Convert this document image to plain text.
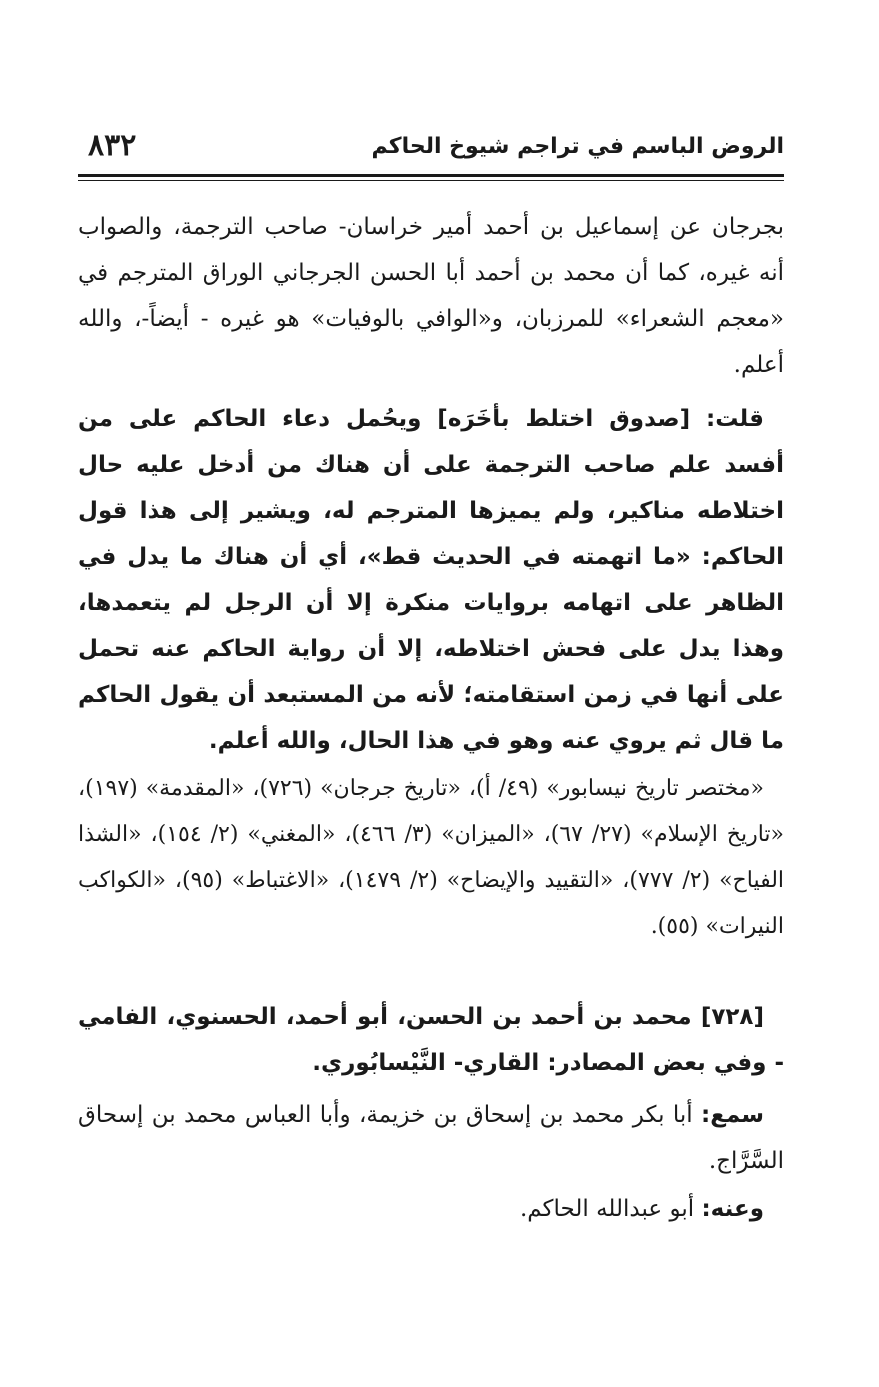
الروض الباسم في تراجم شيوخ الحاكم
٨٣٢

بجرجان عن إسماعيل بن أحمد أمير خراسان- صاحب الترجمة، والصواب أنه غيره، كما أن محمد بن أحمد أبا الحسن الجرجاني الوراق المترجم في «معجم الشعراء» للمرزبان، و«الوافي بالوفيات» هو غيره - أيضاً-، والله أعلم.

قلت: [صدوق اختلط بأخَرَه] ويحُمل دعاء الحاكم على من أفسد علم صاحب الترجمة على أن هناك من أدخل عليه حال اختلاطه مناكير، ولم يميزها المترجم له، ويشير إلى هذا قول الحاكم: «ما اتهمته في الحديث قط»، أي أن هناك ما يدل في الظاهر على اتهامه بروايات منكرة إلا أن الرجل لم يتعمدها، وهذا يدل على فحش اختلاطه، إلا أن رواية الحاكم عنه تحمل على أنها في زمن استقامته؛ لأنه من المستبعد أن يقول الحاكم ما قال ثم يروي عنه وهو في هذا الحال، والله أعلم.

«مختصر تاريخ نيسابور» (٤٩/ أ)، «تاريخ جرجان» (٧٢٦)، «المقدمة» (١٩٧)، «تاريخ الإسلام» (٢٧/ ٦٧)، «الميزان» (٣/ ٤٦٦)، «المغني» (٢/ ١٥٤)، «الشذا الفياح» (٢/ ٧٧٧)، «التقييد والإيضاح» (٢/ ١٤٧٩)، «الاغتباط» (٩٥)، «الكواكب النيرات» (٥٥).

[٧٢٨] محمد بن أحمد بن الحسن، أبو أحمد، الحسنوي، الفامي - وفي بعض المصادر: القاري- النَّيْسابُوري.

سمع: أبا بكر محمد بن إسحاق بن خزيمة، وأبا العباس محمد بن إسحاق السَّرَّاج.

وعنه: أبو عبدالله الحاكم.
